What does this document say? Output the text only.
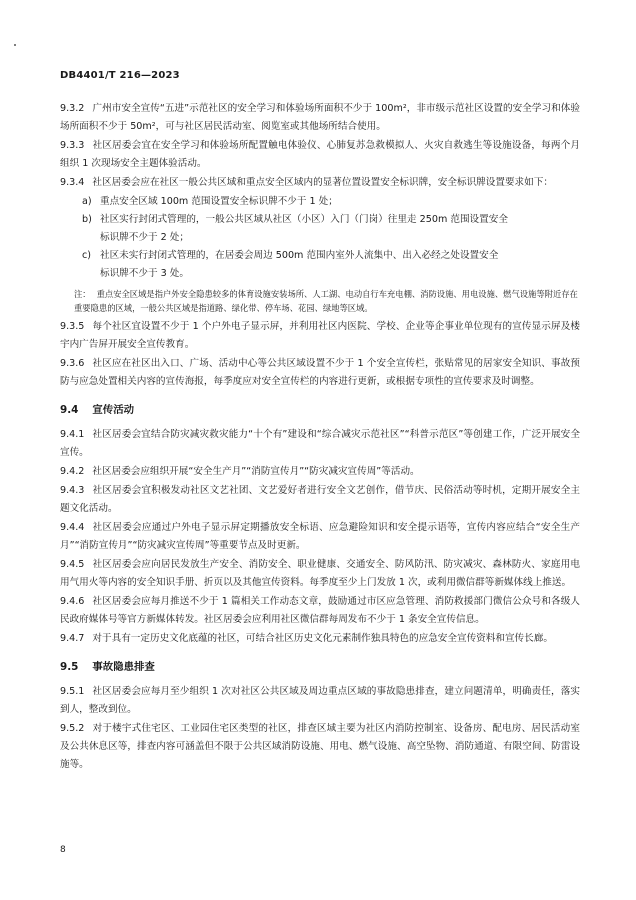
DB4401/T 216—2023

9.3.2 广州市安全宣传“五进”示范社区的安全学习和体验场所面积不少于 100m²，非市级示范社区设置的安全学习和体验场所面积不少于 50m²，可与社区居民活动室、阅览室或其他场所结合使用。

9.3.3 社区居委会宜在安全学习和体验场所配置触电体验仪、心肺复苏急救模拟人、火灾自救逃生等设施设备，每两个月组织 1 次现场安全主题体验活动。

9.3.4 社区居委会应在社区一般公共区域和重点安全区域内的显著位置设置安全标识牌，安全标识牌设置要求如下：

a) 重点安全区域 100m 范围设置安全标识牌不少于 1 处；

b) 社区实行封闭式管理的，一般公共区域从社区（小区）入门（门岗）往里走 250m 范围设置安全

标识牌不少于 2 处；

c) 社区未实行封闭式管理的，在居委会周边 500m 范围内室外人流集中、出入必经之处设置安全

标识牌不少于 3 处。

注： 重点安全区域是指户外安全隐患较多的体育设施安装场所、人工湖、电动自行车充电棚、消防设施、用电设施、燃气设施等附近存在重要隐患的区域，一般公共区域是指道路、绿化带、停车场、花园、绿地等区域。

9.3.5 每个社区宜设置不少于 1 个户外电子显示屏，并利用社区内医院、学校、企业等企事业单位现有的宣传显示屏及楼宇内广告屏开展安全宣传教育。

9.3.6 社区应在社区出入口、广场、活动中心等公共区域设置不少于 1 个安全宣传栏，张贴常见的居家安全知识、事故预防与应急处置相关内容的宣传海报，每季度应对安全宣传栏的内容进行更新，或根据专项性的宣传要求及时调整。

9.4 宣传活动

9.4.1 社区居委会宜结合防灾减灾救灾能力“十个有”建设和“综合减灾示范社区”“科普示范区”等创建工作，广泛开展安全宣传。

9.4.2 社区居委会应组织开展“安全生产月”“消防宣传月”“防灾减灾宣传周”等活动。

9.4.3 社区居委会宜积极发动社区文艺社团、文艺爱好者进行安全文艺创作，借节庆、民俗活动等时机，定期开展安全主题文化活动。

9.4.4 社区居委会应通过户外电子显示屏定期播放安全标语、应急避险知识和安全提示语等，宣传内容应结合“安全生产月”“消防宣传月”“防灾减灾宣传周”等重要节点及时更新。

9.4.5 社区居委会应向居民发放生产安全、消防安全、职业健康、交通安全、防风防汛、防灾减灾、森林防火、家庭用电用气用火等内容的安全知识手册、折页以及其他宣传资料。每季度至少上门发放 1 次，或利用微信群等新媒体线上推送。

9.4.6 社区居委会应每月推送不少于 1 篇相关工作动态文章，鼓励通过市区应急管理、消防救援部门微信公众号和各级人民政府媒体号等官方新媒体转发。社区居委会应利用社区微信群每周发布不少于 1 条安全宣传信息。

9.4.7 对于具有一定历史文化底蕴的社区，可结合社区历史文化元素制作独具特色的应急安全宣传资料和宣传长廊。

9.5 事故隐患排查

9.5.1 社区居委会应每月至少组织 1 次对社区公共区域及周边重点区域的事故隐患排查，建立问题清单，明确责任，落实到人，整改到位。

9.5.2 对于楼宇式住宅区、工业园住宅区类型的社区，排查区域主要为社区内消防控制室、设备房、配电房、居民活动室及公共休息区等，排查内容可涵盖但不限于公共区域消防设施、用电、燃气设施、高空坠物、消防通道、有限空间、防雷设施等。

8
